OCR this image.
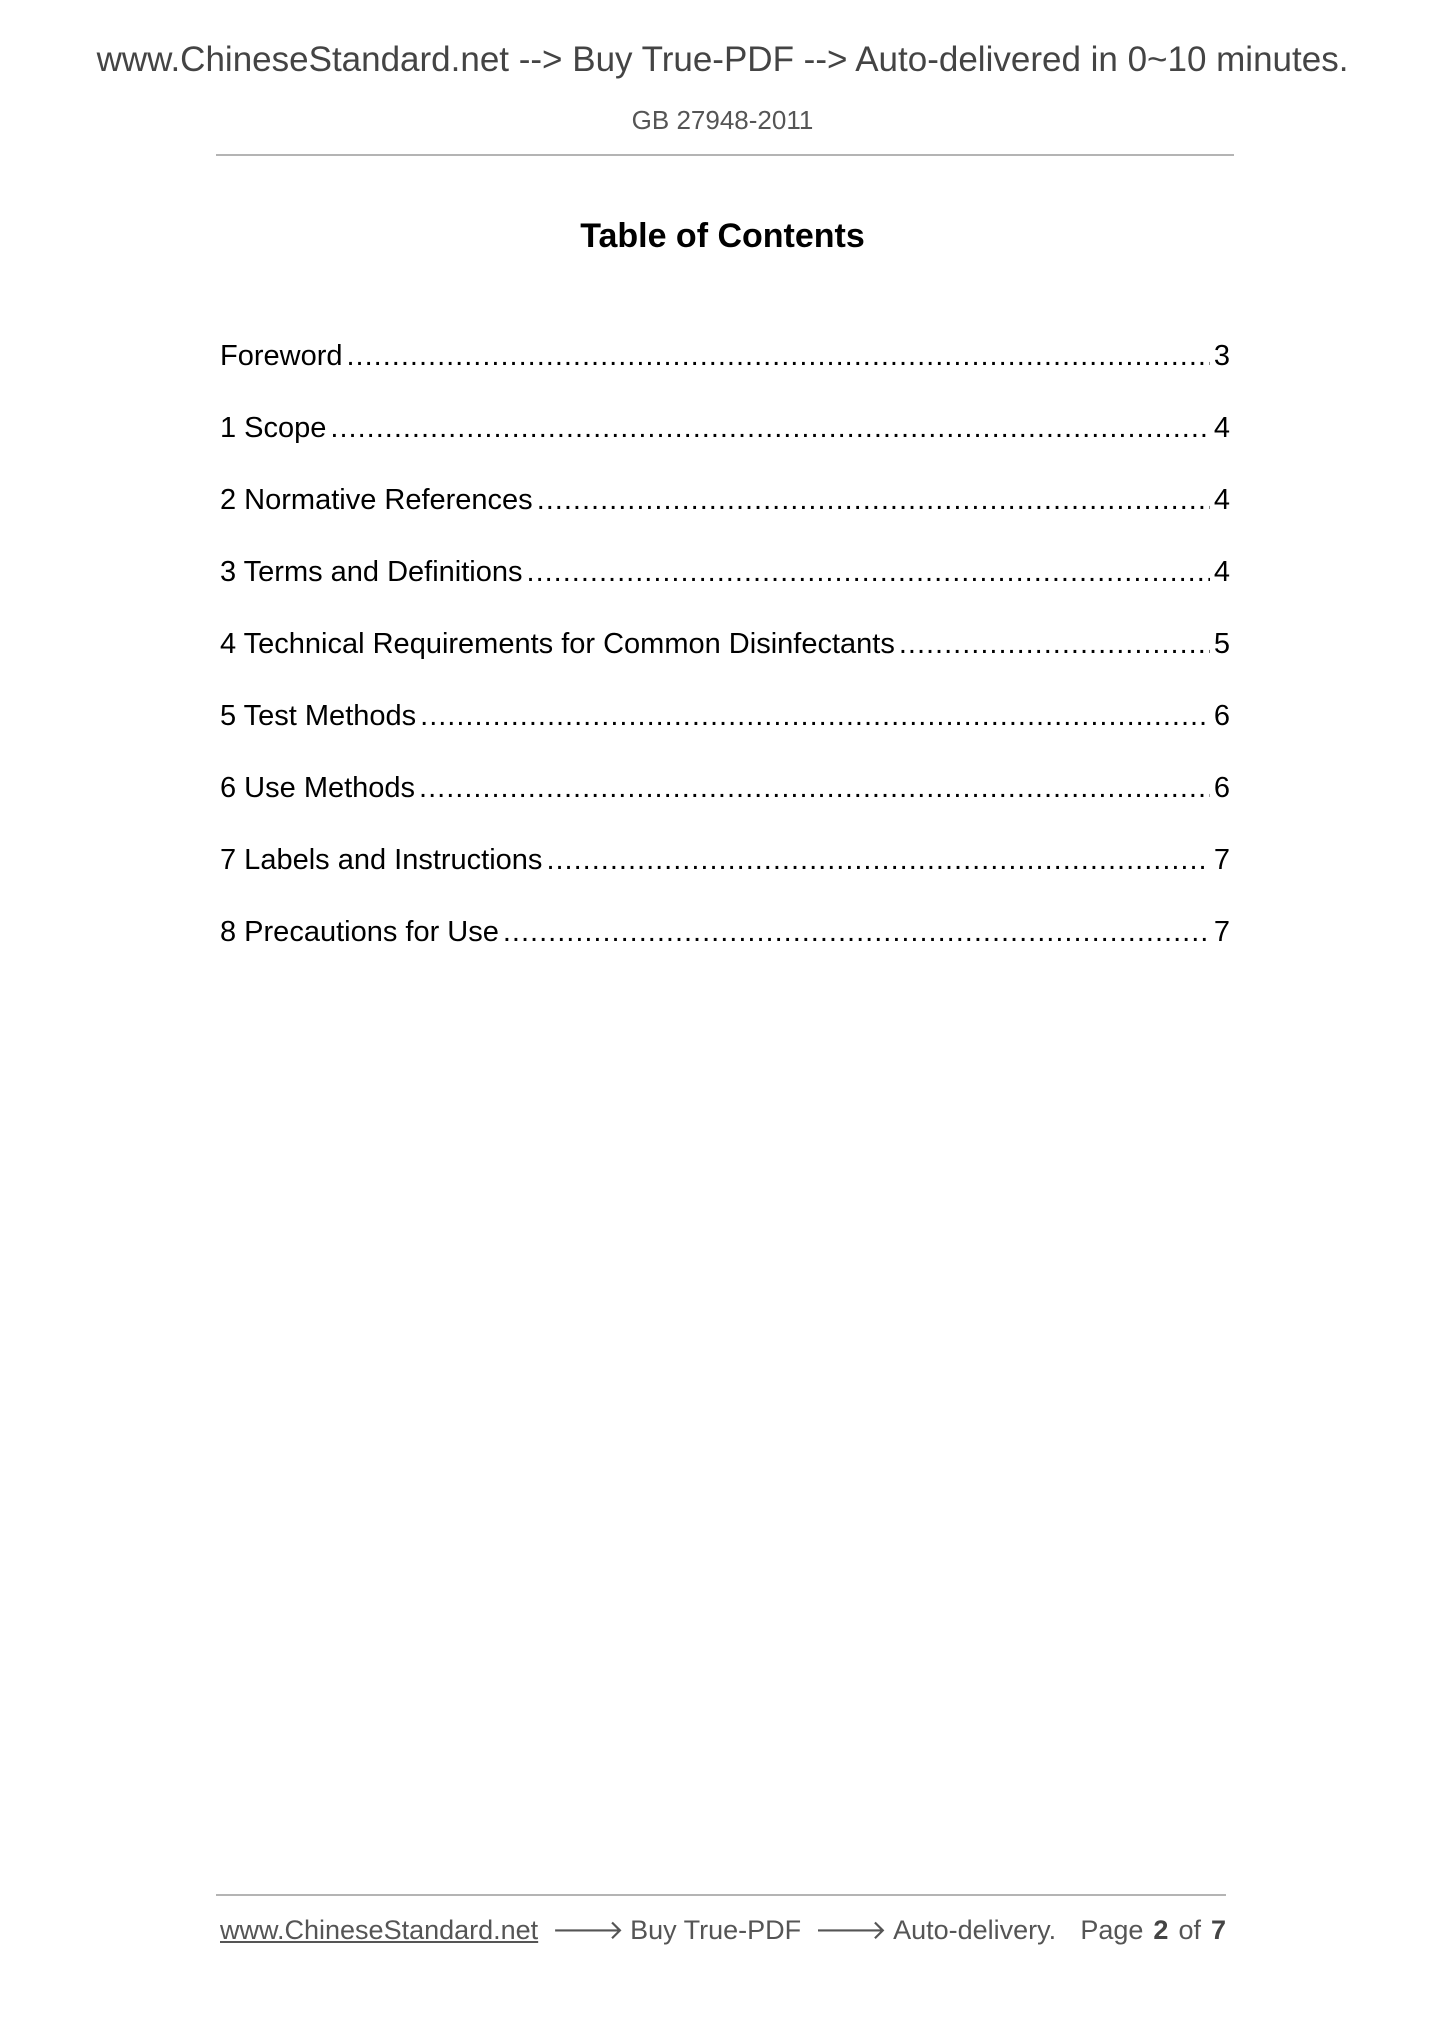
www.ChineseStandard.net --> Buy True-PDF --> Auto-delivered in 0~10 minutes.
GB 27948-2011
Table of Contents
Foreword .....	3
1 Scope .....	4
2 Normative References .....	4
3 Terms and Definitions .....	4
4 Technical Requirements for Common Disinfectants .....	5
5 Test Methods .....	6
6 Use Methods .....	6
7 Labels and Instructions .....	7
8 Precautions for Use .....	7
www.ChineseStandard.net 🡒 Buy True-PDF 🡒 Auto-delivery. Page 2 of 7
